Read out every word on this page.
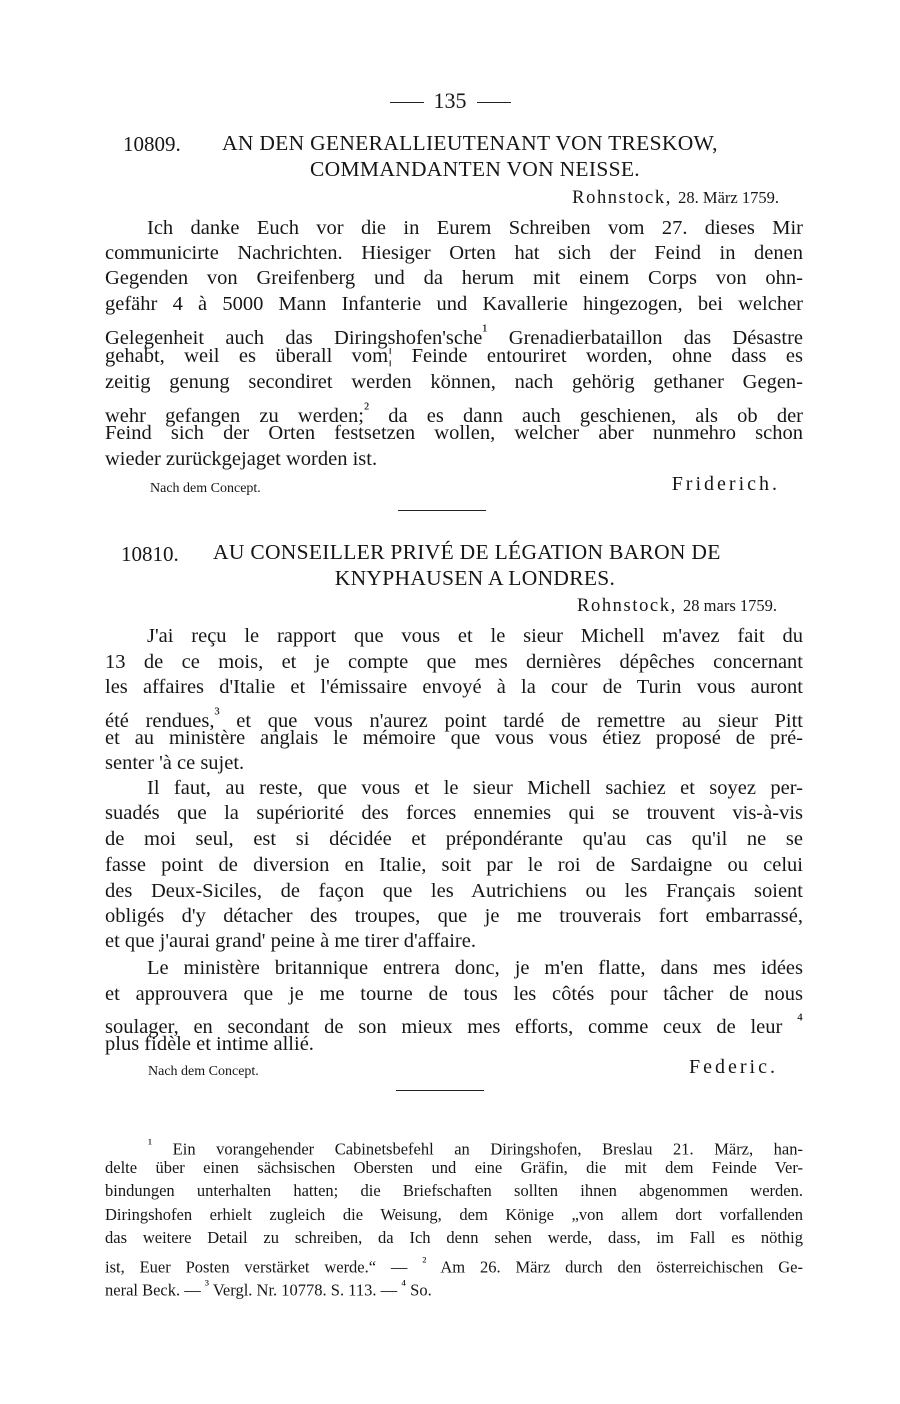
135
10809. AN DEN GENERALLIEUTENANT VON TRESKOW,
COMMANDANTEN VON NEISSE.
Rohnstock, 28. März 1759.
Ich danke Euch vor die in Eurem Schreiben vom 27. dieses Mir
communicirte Nachrichten. Hiesiger Orten hat sich der Feind in denen
Gegenden von Greifenberg und da herum mit einem Corps von ohn-
gefähr 4 à 5000 Mann Infanterie und Kavallerie hingezogen, bei welcher
Gelegenheit auch das Diringshofen'sche$^{^1}$ Grenadierbataillon das Désastre
gehabt, weil es überall vom¦ Feinde entouriret worden, ohne dass es
zeitig genung secondiret werden können, nach gehörig gethaner Gegen-
wehr gefangen zu werden;$^{^2}$ da es dann auch geschienen, als ob der
Feind sich der Orten festsetzen wollen, welcher aber nunmehro schon
wieder zurückgejaget worden ist.
Nach dem Concept.	Friderich.
10810. AU CONSEILLER PRIVÉ DE LÉGATION BARON DE
KNYPHAUSEN A LONDRES.
Rohnstock, 28 mars 1759.
J'ai reçu le rapport que vous et le sieur Michell m'avez fait du
13 de ce mois, et je compte que mes dernières dépêches concernant
les affaires d'Italie et l'émissaire envoyé à la cour de Turin vous auront
été rendues,$^{^3}$ et que vous n'aurez point tardé de remettre au sieur Pitt
et au ministère anglais le mémoire que vous vous étiez proposé de pré-
senter 'à ce sujet.
Il faut, au reste, que vous et le sieur Michell sachiez et soyez per-
suadés que la supériorité des forces ennemies qui se trouvent vis-à-vis
de moi seul, est si décidée et prépondérante qu'au cas qu'il ne se
fasse point de diversion en Italie, soit par le roi de Sardaigne ou celui
des Deux-Siciles, de façon que les Autrichiens ou les Français soient
obligés d'y détacher des troupes, que je me trouverais fort embarrassé,
et que j'aurai grand' peine à me tirer d'affaire.
Le ministère britannique entrera donc, je m'en flatte, dans mes idées
et approuvera que je me tourne de tous les côtés pour tâcher de nous
soulager, en secondant de son mieux mes efforts, comme ceux de leur $^{^4}$
plus fidèle et intime allié.
Nach dem Concept.	Federic.
$^{^1}$ Ein vorangehender Cabinetsbefehl an Diringshofen, Breslau 21. März, han-
delte über einen sächsischen Obersten und eine Gräfin, die mit dem Feinde Ver-
bindungen unterhalten hatten; die Briefschaften sollten ihnen abgenommen werden.
Diringshofen erhielt zugleich die Weisung, dem Könige „von allem dort vorfallenden
das weitere Detail zu schreiben, da Ich denn sehen werde, dass, im Fall es nöthig
ist, Euer Posten verstärket werde.“ — $^{^2}$ Am 26. März durch den österreichischen Ge-
neral Beck. — $^{^3}$ Vergl. Nr. 10778. S. 113. — $^{^4}$ So.
